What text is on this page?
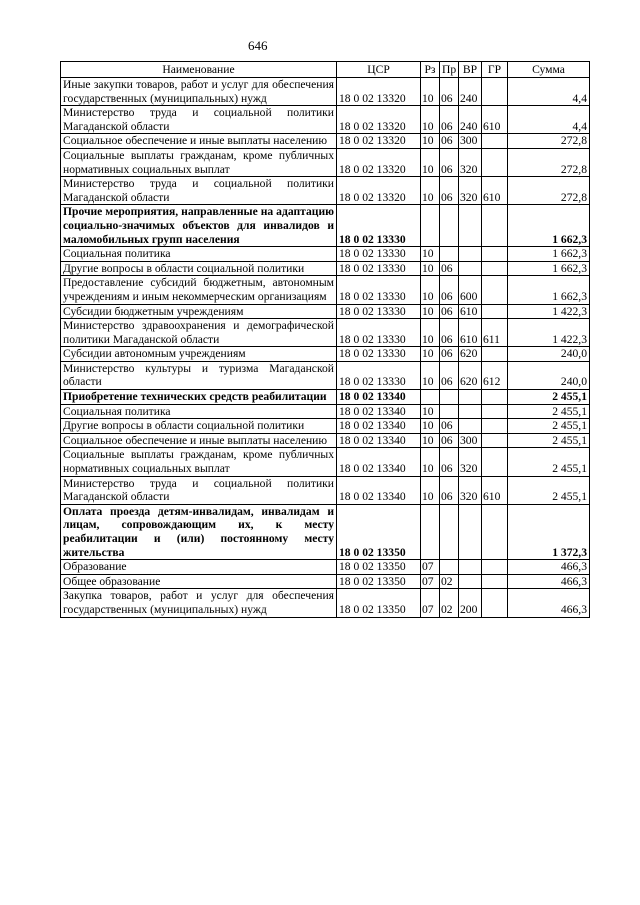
646
Наименование	ЦСР	Рз	Пр	ВР	ГР	Сумма
Иные закупки товаров, работ и услуг для обеспечения государственных (муниципальных) нужд	18 0 02 13320	10	06	240		4,4
Министерство труда и социальной политики Магаданской области	18 0 02 13320	10	06	240	610	4,4
Социальное обеспечение и иные выплаты населению	18 0 02 13320	10	06	300		272,8
Социальные выплаты гражданам, кроме публичных нормативных социальных выплат	18 0 02 13320	10	06	320		272,8
Министерство труда и социальной политики Магаданской области	18 0 02 13320	10	06	320	610	272,8
Прочие мероприятия, направленные на адаптацию социально-значимых объектов для инвалидов и маломобильных групп населения	18 0 02 13330					1 662,3
Социальная политика	18 0 02 13330	10				1 662,3
Другие вопросы в области социальной политики	18 0 02 13330	10	06			1 662,3
Предоставление субсидий бюджетным, автономным учреждениям и иным некоммерческим организациям	18 0 02 13330	10	06	600		1 662,3
Субсидии бюджетным учреждениям	18 0 02 13330	10	06	610		1 422,3
Министерство здравоохранения и демографической политики Магаданской области	18 0 02 13330	10	06	610	611	1 422,3
Субсидии автономным учреждениям	18 0 02 13330	10	06	620		240,0
Министерство культуры и туризма Магаданской области	18 0 02 13330	10	06	620	612	240,0
Приобретение технических средств реабилитации	18 0 02 13340					2 455,1
Социальная политика	18 0 02 13340	10				2 455,1
Другие вопросы в области социальной политики	18 0 02 13340	10	06			2 455,1
Социальное обеспечение и иные выплаты населению	18 0 02 13340	10	06	300		2 455,1
Социальные выплаты гражданам, кроме публичных нормативных социальных выплат	18 0 02 13340	10	06	320		2 455,1
Министерство труда и социальной политики Магаданской области	18 0 02 13340	10	06	320	610	2 455,1
Оплата проезда детям-инвалидам, инвалидам и лицам, сопровождающим их, к месту реабилитации и (или) постоянному месту жительства	18 0 02 13350					1 372,3
Образование	18 0 02 13350	07				466,3
Общее образование	18 0 02 13350	07	02			466,3
Закупка товаров, работ и услуг для обеспечения государственных (муниципальных) нужд	18 0 02 13350	07	02	200		466,3
